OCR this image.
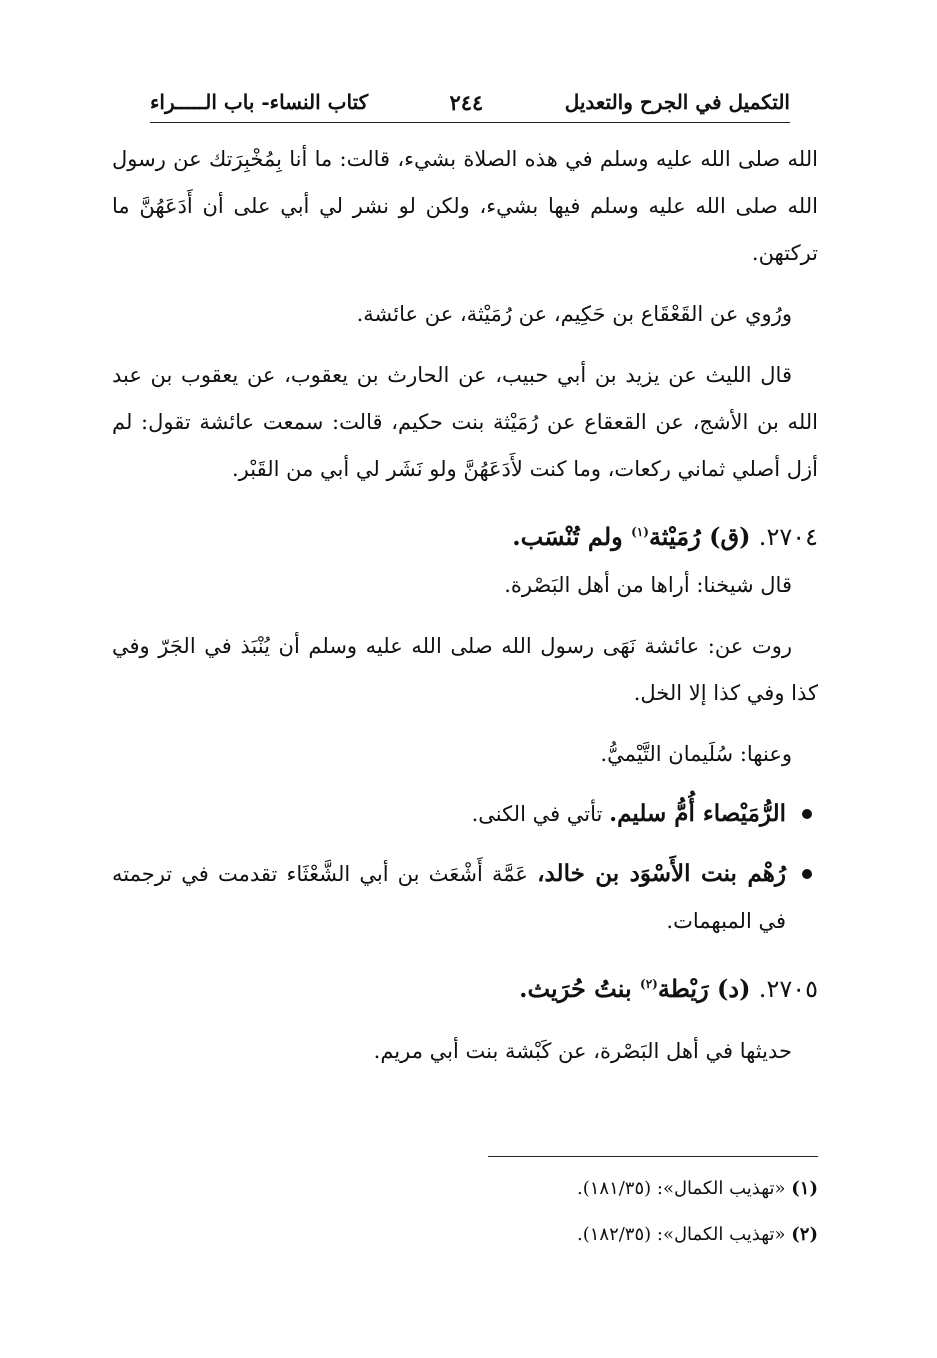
التكميل في الجرح والتعديل
٢٤٤
كتاب النساء- باب الـــــراء

الله صلى الله عليه وسلم في هذه الصلاة بشيء، قالت: ما أنا بِمُخْبِرَتك عن رسول الله صلى الله عليه وسلم فيها بشيء، ولكن لو نشر لي أبي على أن أَدَعَهُنَّ ما تركتهن.

ورُوي عن القَعْقَاع بن حَكِيم، عن رُمَيْثة، عن عائشة.

قال الليث عن يزيد بن أبي حبيب، عن الحارث بن يعقوب، عن يعقوب بن عبد الله بن الأشج، عن القعقاع عن رُمَيْثة بنت حكيم، قالت: سمعت عائشة تقول: لم أزل أصلي ثماني ركعات، وما كنت لأَدَعَهُنَّ ولو نَشَر لي أبي من القَبْر.

٢٧٠٤. (ق) رُمَيْثة$^{(١)}$ ولم تُنْسَب.

قال شيخنا: أراها من أهل البَصْرة.

روت عن: عائشة نَهَى رسول الله صلى الله عليه وسلم أن يُنْبَذ في الجَرّ وفي كذا وفي كذا إلا الخل.

وعنها: سُلَيمان التَّيْميُّ.

الرُّمَيْصاء أُمُّ سليم. تأتي في الكنى.
رُهْم بنت الأَسْوَد بن خالد، عَمَّة أَشْعَث بن أبي الشَّعْثَاء تقدمت في ترجمته في المبهمات.

٢٧٠٥. (د) رَيْطة$^{(٢)}$ بنتُ حُرَيث.

حديثها في أهل البَصْرة، عن كَبْشة بنت أبي مريم.

(١) «تهذيب الكمال»: (١٨١/٣٥).

(٢) «تهذيب الكمال»: (١٨٢/٣٥).
